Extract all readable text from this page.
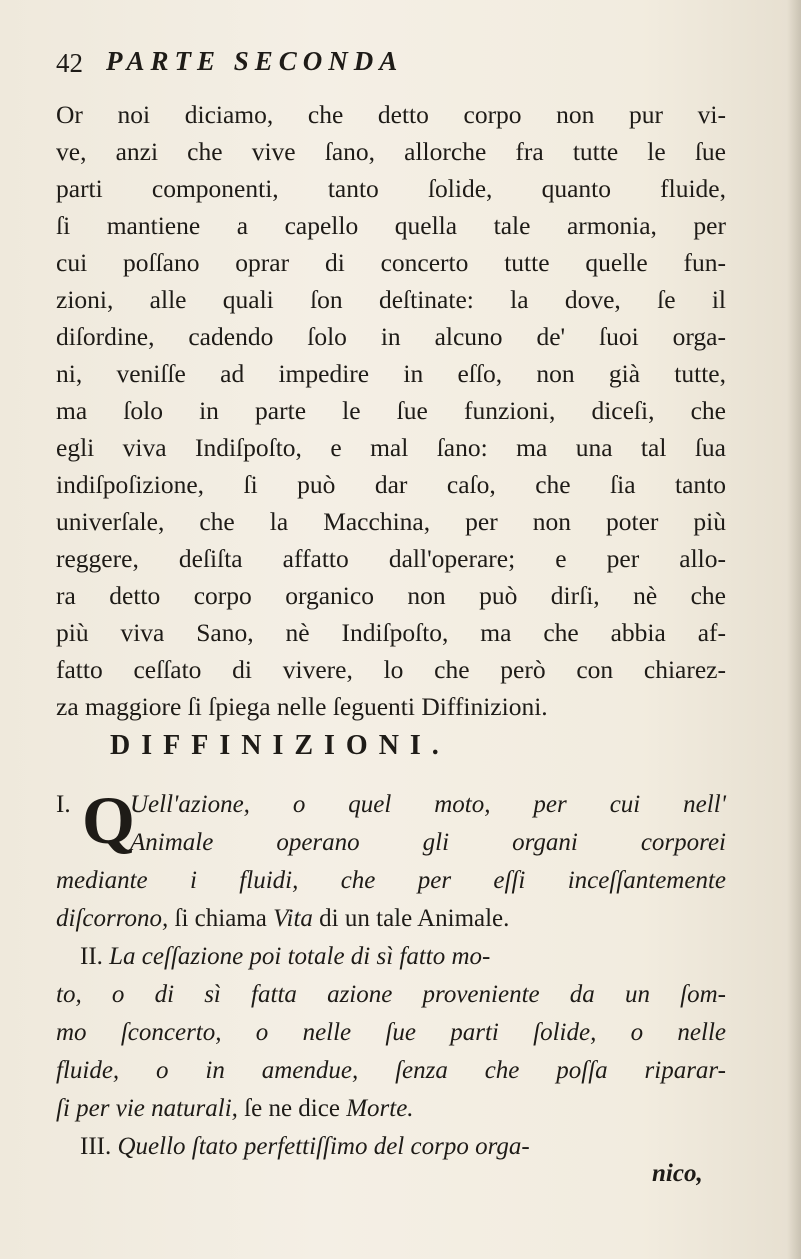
42 PARTE SECONDA
Or noi diciamo, che detto corpo non pur vi-
ve, anzi che vive ſano, allorche fra tutte le ſue
parti componenti, tanto ſolide, quanto fluide,
ſi mantiene a capello quella tale armonia, per
cui poſſano oprar di concerto tutte quelle fun-
zioni, alle quali ſon deſtinate: la dove, ſe il
diſordine, cadendo ſolo in alcuno de' ſuoi orga-
ni, veniſſe ad impedire in eſſo, non già tutte,
ma ſolo in parte le ſue funzioni, diceſi, che
egli viva Indiſpoſto, e mal ſano: ma una tal ſua
indiſpoſizione, ſi può dar caſo, che ſia tanto
univerſale, che la Macchina, per non poter più
reggere, deſiſta affatto dall'operare; e per allo-
ra detto corpo organico non può dirſi, nè che
più viva Sano, nè Indiſpoſto, ma che abbia af-
fatto ceſſato di vivere, lo che però con chiarez-
za maggiore ſi ſpiega nelle ſeguenti Diffinizioni.
DIFFINIZIONI.
I. Q
Uell'azione, o quel moto, per cui nell'
Animale operano gli organi corporei
mediante i fluidi, che per eſſi inceſſantemente
diſcorrono, ſi chiama Vita di un tale Animale.
II. La ceſſazione poi totale di sì fatto mo-
to, o di sì fatta azione proveniente da un ſom-
mo ſconcerto, o nelle ſue parti ſolide, o nelle
fluide, o in amendue, ſenza che poſſa riparar-
ſi per vie naturali, ſe ne dice Morte.
III. Quello ſtato perfettiſſimo del corpo orga-
nico,
